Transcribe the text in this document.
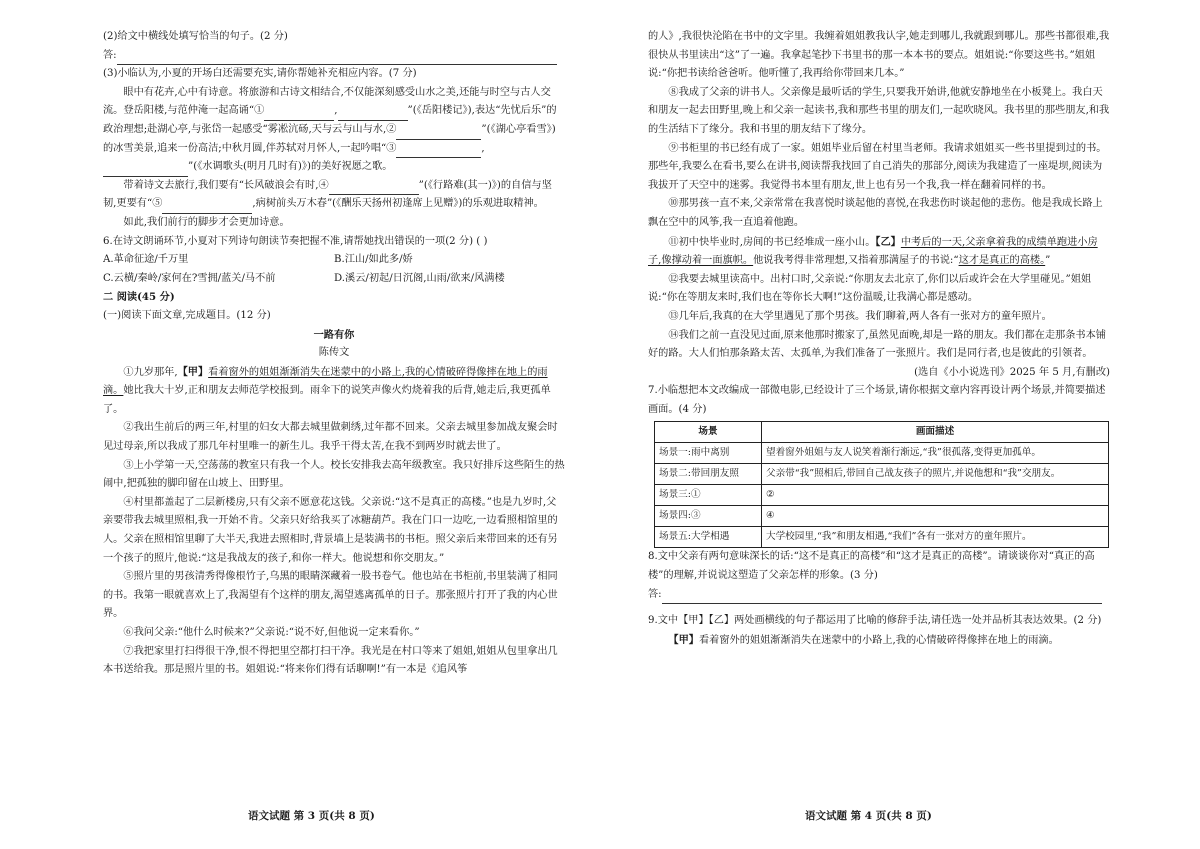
(2)给文中横线处填写恰当的句子。(2 分)

答:

(3)小临认为,小夏的开场白还需要充实,请你帮她补充相应内容。(7 分)

眼中有花卉,心中有诗意。将旅游和古诗文相结合,不仅能深刻感受山水之美,还能与时空与古人交流。登岳阳楼,与范仲淹一起高诵“①	,	”(《岳阳楼记》),表达“先忧后乐”的政治理想;赴湖心亭,与张岱一起感受“雾凇沆砀,天与云与山与水,②	”(《湖心亭看雪》)的冰雪美景,追来一份高洁;中秋月圆,伴苏轼对月怀人,一起吟唱“③	,”(《水调歌头(明月几时有)》)的美好祝愿之歌。

带着诗文去旅行,我们要有“长风破浪会有时,④	”(《行路难(其一)》)的自信与坚韧,更要有“⑤	,病树前头万木春”(《酬乐天扬州初逢席上见赠》)的乐观进取精神。

如此,我们前行的脚步才会更加诗意。

6.在诗文朗诵环节,小夏对下列诗句朗读节奏把握不准,请帮她找出错误的一项(2 分) ( )

A.革命征途/千万里	B.江山/如此多/娇
C.云横/秦岭/家何在?雪拥/蓝关/马不前	D.溪云/初起/日沉阁,山雨/欲来/风满楼

二 阅读(45 分)

(一)阅读下面文章,完成题目。(12 分)

一路有你

陈传文

①九岁那年,【甲】看着窗外的姐姐渐渐消失在迷蒙中的小路上,我的心情破碎得像摔在地上的雨滴。她比我大十岁,正和朋友去师范学校报到。雨伞下的说笑声像火灼烧着我的后背,她走后,我更孤单了。

②我出生前后的两三年,村里的妇女大都去城里做刺绣,过年都不回来。父亲去城里参加战友聚会时见过母亲,所以我成了那几年村里唯一的新生儿。我乎干得太苦,在我不到两岁时就去世了。

③上小学第一天,空荡荡的教室只有我一个人。校长安排我去高年级教室。我只好排斥这些陌生的热闹中,把孤独的脚印留在山坡上、田野里。

④村里都盖起了二层新楼房,只有父亲不愿意花这钱。父亲说:“这不是真正的高楼。”也是九岁时,父亲要带我去城里照相,我一开始不肯。父亲只好给我买了冰糖葫芦。我在门口一边吃,一边看照相馆里的人。父亲在照相馆里聊了大半天,我进去照相时,背景墙上是装满书的书柜。照父亲后来带回来的还有另一个孩子的照片,他说:“这是我战友的孩子,和你一样大。他说想和你交朋友。”

⑤照片里的男孩清秀得像根竹子,乌黑的眼睛深藏着一股书卷气。他也站在书柜前,书里装满了相同的书。我第一眼就喜欢上了,我渴望有个这样的朋友,渴望逃离孤单的日子。那张照片打开了我的内心世界。

⑥我问父亲:“他什么时候来?”父亲说:“说不好,但他说一定来看你。”

⑦我把家里打扫得很干净,恨不得把里空都打扫干净。我光是在村口等来了姐姐,姐姐从包里拿出几本书送给我。那是照片里的书。姐姐说:“将来你们得有话聊啊!”有一本是《追风筝

的人》,我很快沦陷在书中的文字里。我缠着姐姐教我认字,她走到哪儿,我就跟到哪儿。那些书都很难,我很快从书里读出“这”了一遍。我拿起笔抄下书里书的那一本本书的要点。姐姐说:“你要这些书。”姐姐说:“你把书读给爸爸听。他听懂了,我再给你带回来几本。”

⑧我成了父亲的讲书人。父亲像是最听话的学生,只要我开始讲,他就安静地坐在小板凳上。我白天和朋友一起去田野里,晚上和父亲一起读书,我和那些书里的朋友们,一起吹晓风。我书里的那些朋友,和我的生活结下了缘分。我和书里的朋友结下了缘分。

⑨书柜里的书已经有成了一家。姐姐毕业后留在村里当老师。我请求姐姐买一些书里提到过的书。那些年,我要么在看书,要么在讲书,阅读帮我找回了自己消失的那部分,阅读为我建造了一座堤坝,阅读为我拔开了天空中的迷雾。我觉得书本里有朋友,世上也有另一个我,我一样在翻着同样的书。

⑩那男孩一直不来,父亲常常在我喜悦时谈起他的喜悦,在我悲伤时谈起他的悲伤。他是我成长路上飘在空中的风筝,我一直追着他跑。

⑪初中快毕业时,房间的书已经堆成一座小山。【乙】中考后的一天,父亲拿着我的成绩单跑进小房子,像撑动着一面旗帜。他说我考得非常理想,又指着那满屋子的书说:“这才是真正的高楼。”

⑫我要去城里读高中。出村口时,父亲说:“你朋友去北京了,你们以后或许会在大学里碰见。”姐姐说:“你在等朋友来时,我们也在等你长大啊!”这份温暖,让我满心都是感动。

⑬几年后,我真的在大学里遇见了那个男孩。我们聊着,两人各有一张对方的童年照片。

⑭我们之前一直没见过面,原来他那时搬家了,虽然见面晚,却是一路的朋友。我们都在走那条书本铺好的路。大人们怕那条路太苦、太孤单,为我们准备了一张照片。我们是同行者,也是彼此的引领者。

(选自《小小说选刊》2025 年 5 月,有删改)

7.小临想把本文改编成一部微电影,已经设计了三个场景,请你根据文章内容再设计两个场景,并简要描述画面。(4 分)

场景	画面描述
场景一:雨中离别	望着窗外姐姐与友人说笑着渐行渐远,“我”很孤落,变得更加孤单。
场景二:带回朋友照	父亲带“我”照相后,带回自己战友孩子的照片,并说他想和“我”交朋友。
场景三:①	②
场景四:③	④
场景五:大学相遇	大学校园里,“我”和朋友相遇,“我们”各有一张对方的童年照片。

8.文中父亲有两句意味深长的话:“这不是真正的高楼”和“这才是真正的高楼”。请谈谈你对“真正的高楼”的理解,并说说这塑造了父亲怎样的形象。(3 分)

答:

9.文中【甲】【乙】两处画横线的句子都运用了比喻的修辞手法,请任选一处并品析其表达效果。(2 分)

【甲】看着窗外的姐姐渐渐消失在迷蒙中的小路上,我的心情破碎得像摔在地上的雨滴。

语文试题 第 3 页(共 8 页)	语文试题 第 4 页(共 8 页)
